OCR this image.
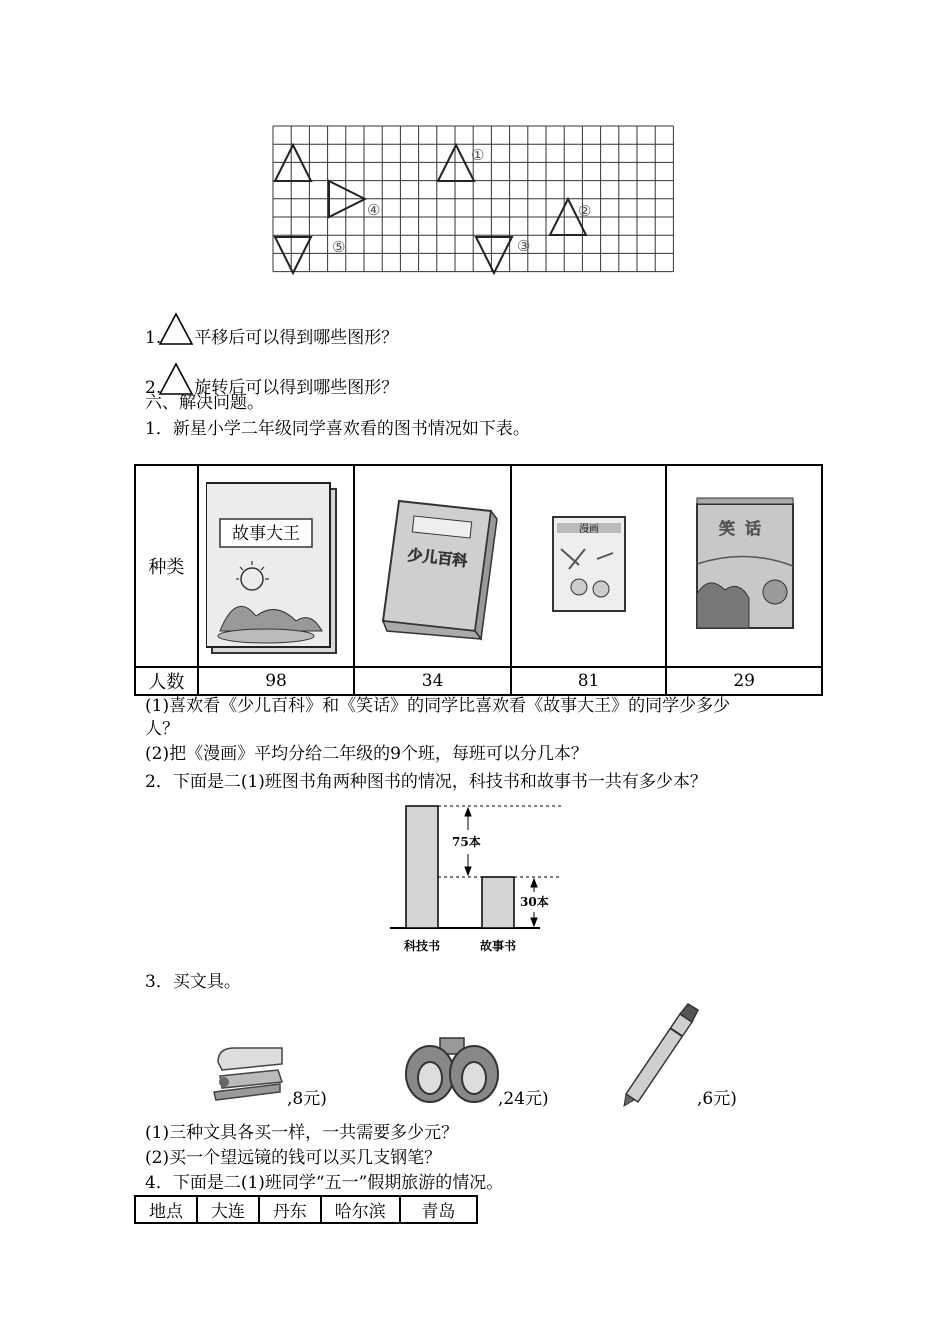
①
②
③
④
⑤
1. 平移后可以得到哪些图形？
2. 旋转后可以得到哪些图形？
六、解决问题。
1．新星小学二年级同学喜欢看的图书情况如下表。
种类	故事大王	少儿百科	漫画	笑话

人数	98	34	81	29
(1)喜欢看《少儿百科》和《笑话》的同学比喜欢看《故事大王》的同学少多少
人？
(2)把《漫画》平均分给二年级的9个班，每班可以分几本？
2．下面是二(1)班图书角两种图书的情况，科技书和故事书一共有多少本？
75本
30本
科技书	故事书
3．买文具。
,8元)	,24元)	,6元)
(1)三种文具各买一样，一共需要多少元？
(2)买一个望远镜的钱可以买几支钢笔？
4．下面是二(1)班同学“五一”假期旅游的情况。
地点	大连	丹东	哈尔滨	青岛
